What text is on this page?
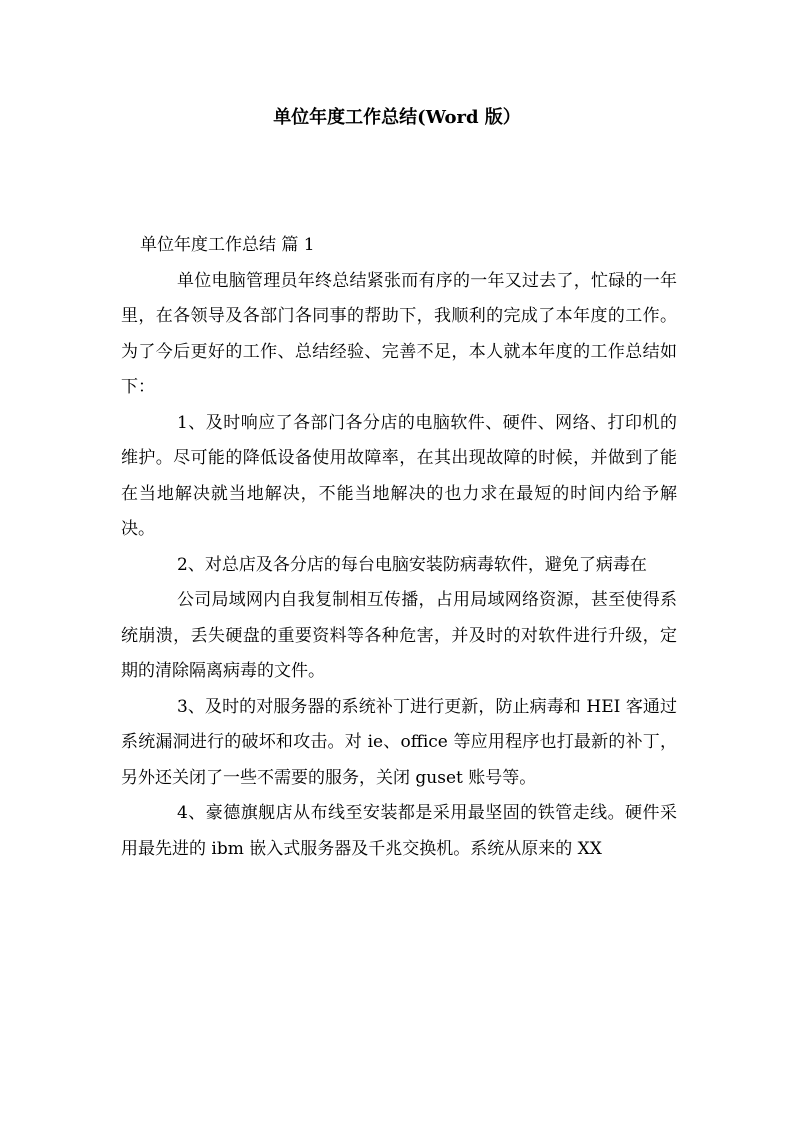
单位年度工作总结(Word 版）

单位年度工作总结 篇 1

单位电脑管理员年终总结紧张而有序的一年又过去了，忙碌的一年里，在各领导及各部门各同事的帮助下，我顺利的完成了本年度的工作。为了今后更好的工作、总结经验、完善不足，本人就本年度的工作总结如下：

1、及时响应了各部门各分店的电脑软件、硬件、网络、打印机的维护。尽可能的降低设备使用故障率，在其出现故障的时候，并做到了能在当地解决就当地解决，不能当地解决的也力求在最短的时间内给予解决。

2、对总店及各分店的每台电脑安装防病毒软件，避免了病毒在

公司局域网内自我复制相互传播，占用局域网络资源，甚至使得系统崩溃，丢失硬盘的重要资料等各种危害，并及时的对软件进行升级，定期的清除隔离病毒的文件。

3、及时的对服务器的系统补丁进行更新，防止病毒和 HEI 客通过系统漏洞进行的破坏和攻击。对 ie、office 等应用程序也打最新的补丁，另外还关闭了一些不需要的服务，关闭 guset 账号等。

4、豪德旗舰店从布线至安装都是采用最坚固的铁管走线。硬件采用最先进的 ibm 嵌入式服务器及千兆交换机。系统从原来的 XX
